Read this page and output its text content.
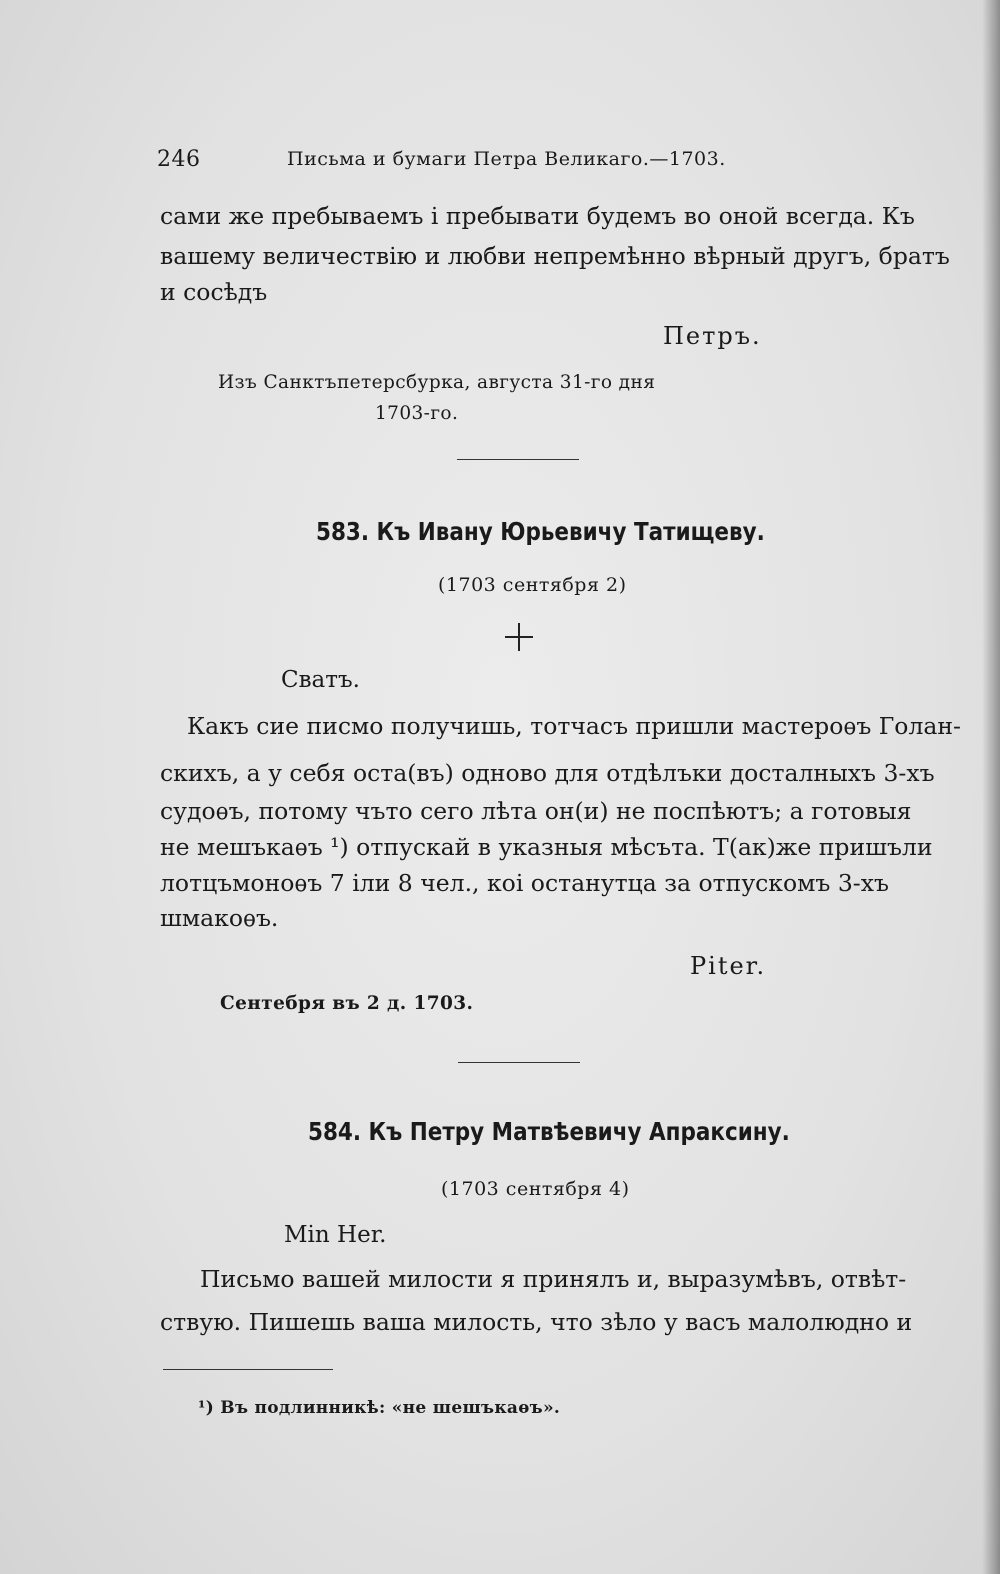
246	Письма и бумаги Петра Великаго.—1703.
сами же пребываемъ і пребывати будемъ во оной всегда. Къ
вашему величествію и любви непремѣнно вѣрный другъ, братъ
и сосѣдъ
Петръ.
Изъ Санктъпетерсбурка, августа 31-го дня
1703-го.
583. Къ Ивану Юрьевичу Татищеву.
(1703 сентября 2)
Сватъ.
Какъ сие писмо получишь, тотчасъ пришли мастероѳъ Голан-
скихъ, а у себя оста(въ) одново для отдѣлъки досталныхъ 3-хъ
судоѳъ, потому чъто сего лѣта он(и) не поспѣютъ; а готовыя
не мешъкаѳъ ¹) отпускай в указныя мѣсъта. Т(ак)же пришъли
лотцъмоноѳъ 7 іли 8 чел., коі останутца за отпускомъ 3-хъ
шмакоѳъ.
Piter.
Сентебря въ 2 д. 1703.
584. Къ Петру Матвѣевичу Апраксину.
(1703 сентября 4)
Min Her.
Письмо вашей милости я принялъ и, выразумѣвъ, отвѣт-
ствую. Пишешь ваша милость, что зѣло у васъ малолюдно и
¹) Въ подлинникѣ: «не шешъкаѳъ».
